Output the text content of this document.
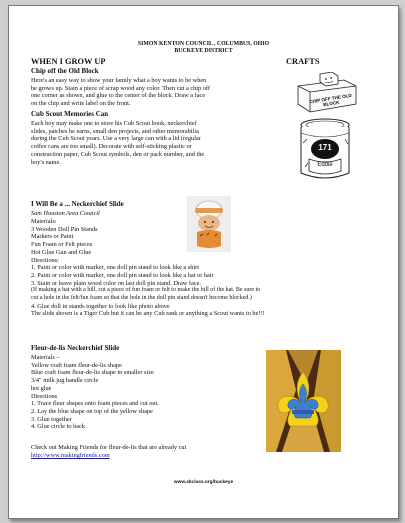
SIMON KENTON COUNCIL , COLUMBUS, OHIO
BUCKEYE DISTRICT
WHEN I GROW UP	CRAFTS
Chip off the Old Block
Here's an easy way to show your family what a boy wants to be when
he grows up. Stain a piece of scrap wood any color. Then cut a chip off
one corner as shown, and glue to the center of the block. Draw a face
on the chip and write label on the front.	CHIP OFF THE OLD BLOCK
Cub Scout Memories Can
Each boy may make one to store his Cub Scout book, neckerchief
slides, patches he earns, small den projects, and other memorabilia
during the Cub Scout years. Use a very large can with a lid (regular
coffee cans are too small). Decorate with self-sticking plastic or
construction paper, Cub Scout symbols, den or pack number, and the
boy's name.
171
Eddie
I Will Be a ... Neckerchief Slide
Sam Houston Area Council
Materials:
3 Wooden Doll Pin Stands
Markers or Paint
Fun Foam or Felt pieces
Hot Glue Gun and Glue
Directions:
1. Paint or color with marker, one doll pin stand to look like a shirt
2. Paint or color with marker, one doll pin stand to look like a hat or hair
3. Stain or leave plain wood color on last doll pin stand. Draw face.
(If making a hat with a bill, cut a piece of fun foam or felt to make the bill of the hat. Be sure to
cut a hole in the felt/fun foam so that the hole in the doll pin stand doesn't become blocked.)
4. Glue doll in stands together to look like photo above
The slide shown is a Tiger Cub but it can be any Cub rank or anything a Scout wants to be!!!
Fleur-de-lis Neckerchief Slide
Materials –
Yellow craft foam fleur-de-lis shape
Blue craft foam fleur-de-lis shape in smaller size
3/4" milk jug handle circle
hot glue
Directions
1. Trace fleur shapes onto foam pieces and cut out.
2. Lay the blue shape on top of the yellow shape
3. Glue together
4. Glue circle to back
Check out Making Friends for fleur-de-lis that are already cut
http://www.makingfriends.com
www.skclass.org/buckeye
